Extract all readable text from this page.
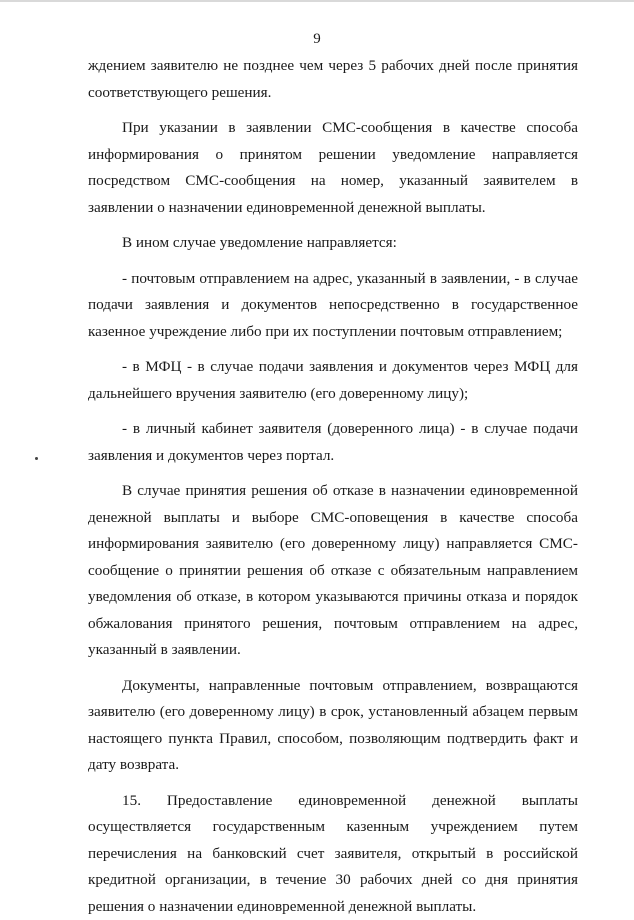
9

ждением заявителю не позднее чем через 5 рабочих дней после принятия соответствующего решения.

При указании в заявлении СМС-сообщения в качестве способа информирования о принятом решении уведомление направляется посредством СМС-сообщения на номер, указанный заявителем в заявлении о назначении единовременной денежной выплаты.

В ином случае уведомление направляется:

- почтовым отправлением на адрес, указанный в заявлении, - в случае подачи заявления и документов непосредственно в государственное казенное учреждение либо при их поступлении почтовым отправлением;

- в МФЦ - в случае подачи заявления и документов через МФЦ для дальнейшего вручения заявителю (его доверенному лицу);

- в личный кабинет заявителя (доверенного лица) - в случае подачи заявления и документов через портал.

В случае принятия решения об отказе в назначении единовременной денежной выплаты и выборе СМС-оповещения в качестве способа информирования заявителю (его доверенному лицу) направляется СМС-сообщение о принятии решения об отказе с обязательным направлением уведомления об отказе, в котором указываются причины отказа и порядок обжалования принятого решения, почтовым отправлением на адрес, указанный в заявлении.

Документы, направленные почтовым отправлением, возвращаются заявителю (его доверенному лицу) в срок, установленный абзацем первым настоящего пункта Правил, способом, позволяющим подтвердить факт и дату возврата.

15. Предоставление единовременной денежной выплаты осуществляется государственным казенным учреждением путем перечисления на банковский счет заявителя, открытый в российской кредитной организации, в течение 30 рабочих дней со дня принятия решения о назначении единовременной денежной выплаты.
